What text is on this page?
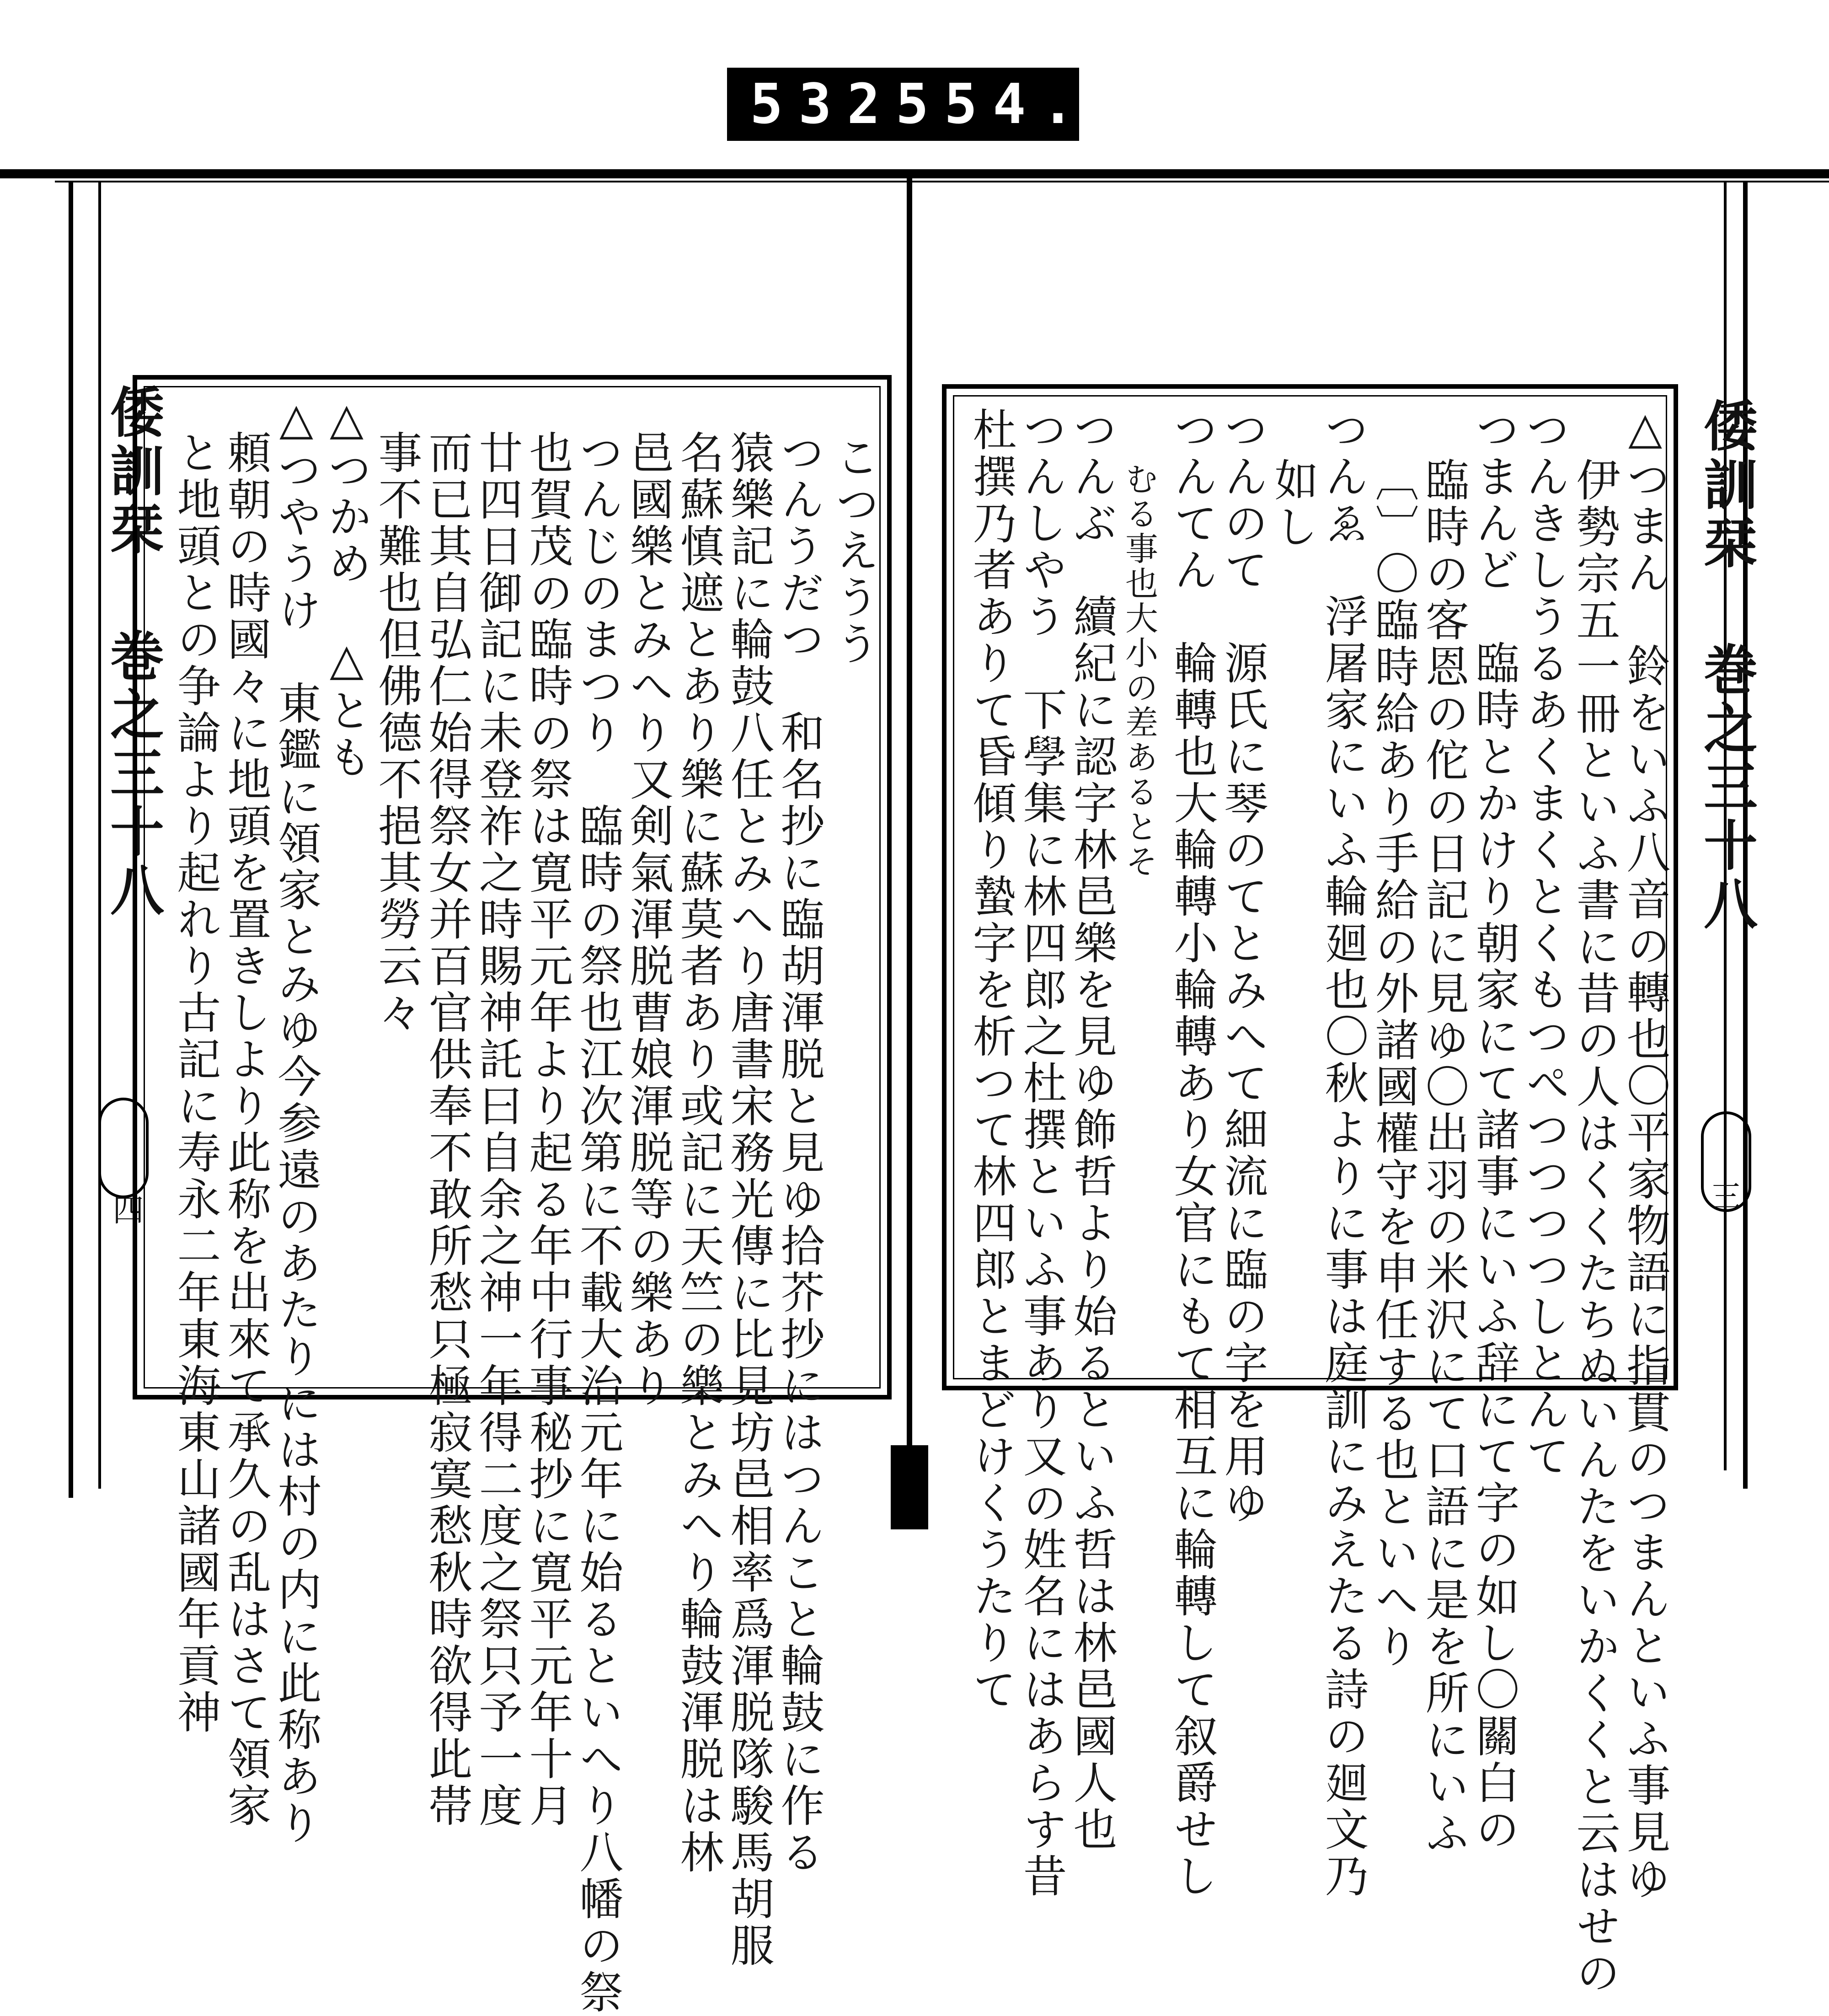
532 554.
倭訓栞 巻之三十八
四
こつえうう
つんうだつ　和名抄に臨胡渾脱と見ゆ拾芥抄にはつんこと輪鼓に作る
猿樂記に輪鼓八任とみへり唐書宋務光傳に比見坊邑相率爲渾脱隊駿馬胡服
名蘇慎遮とあり樂に蘇莫者あり或記に天竺の樂とみへり輪鼓渾脱は林
邑國樂とみへり又剣氣渾脱曹娘渾脱等の樂あり
つんじのまつり　臨時の祭也江次第に不載大治元年に始るといへり八幡の祭
也賀茂の臨時の祭は寛平元年より起る年中行事秘抄に寛平元年十月
廿四日御記に未登祚之時賜神託曰自余之神一年得二度之祭只予一度
而已其自弘仁始得祭女并百官供奉不敢所愁只極寂寞愁秋時欲得此帯
事不難也但佛德不挹其勞云々
△つかめ　△とも
△つやうけ　東鑑に領家とみゆ今参遠のあたりには村の内に此称あり
頼朝の時國々に地頭を置きしより此称を出來て承久の乱はさて領家
と地頭との争論より起れり古記に寿永二年東海東山諸國年貢神	△つまん　鈴をいふ八音の轉也〇平家物語に指貫のつまんといふ事見ゆ
伊勢宗五一冊といふ書に昔の人はくくたちぬいんたをいかくくと云はせの
つんきしうるあくまくとくもつぺつつつつしとんて
つまんど　臨時とかけり朝家にて諸事にいふ辞にて字の如し〇關白の
臨時の客恩の佗の日記に見ゆ〇出羽の米沢にて口語に是を所にいふ
〔〕〇臨時給あり手給の外諸國權守を申任する也といへり
つんゑ　浮屠家にいふ輪廻也〇秋よりに事は庭訓にみえたる詩の廻文乃
如し
つんのて　源氏に琴のてとみへて細流に臨の字を用ゆ
つんてん　輪轉也大輪轉小輪轉あり女官にもて相互に輪轉して叙爵せし
むる事也大小の差あるとそ
つんぶ　續紀に認字林邑樂を見ゆ飾哲より始るといふ哲は林邑國人也
つんしやう　下學集に林四郎之杜撰といふ事あり又の姓名にはあらす昔
杜撰乃者ありて昏傾り蟄字を析つて林四郎とまどけくうたりて	倭訓栞 巻之三十八
三
